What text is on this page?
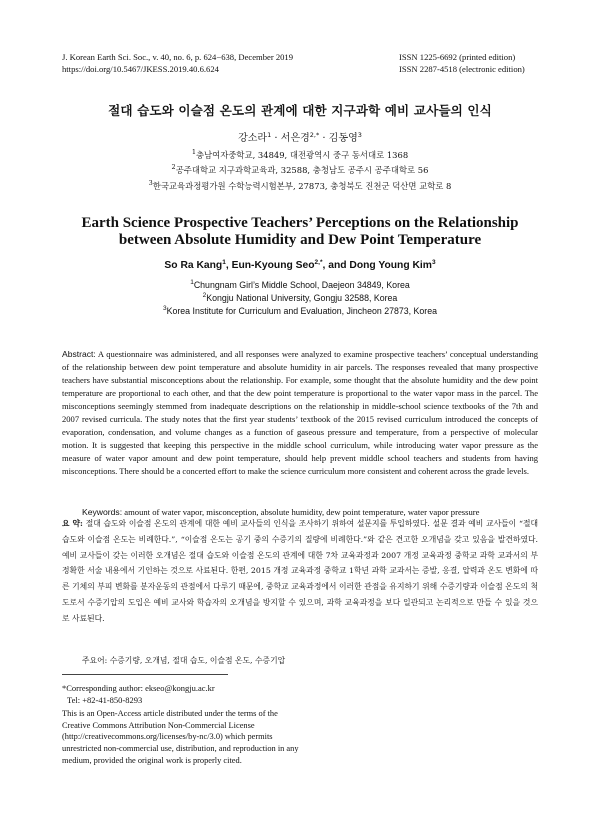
J. Korean Earth Sci. Soc., v. 40, no. 6, p. 624−638, December 2019
https://doi.org/10.5467/JKESS.2019.40.6.624
ISSN 1225-6692 (printed edition)
ISSN 2287-4518 (electronic edition)
절대 습도와 이슬점 온도의 관계에 대한 지구과학 예비 교사들의 인식
강소라$^1$ · 서은경$^{2,*}$ · 김동영$^3$
$^1$충남여자중학교, 34849, 대전광역시 중구 동서대로 1368
$^2$공주대학교 지구과학교육과, 32588, 충청남도 공주시 공주대학로 56
$^3$한국교육과정평가원 수학능력시험본부, 27873, 충청북도 진천군 덕산면 교학로 8
Earth Science Prospective Teachers’ Perceptions on the Relationship
between Absolute Humidity and Dew Point Temperature
So Ra Kang$^1$, Eun-Kyoung Seo$^{2,*}$, and Dong Young Kim$^3$
$^1$Chungnam Girl’s Middle School, Daejeon 34849, Korea
$^2$Kongju National University, Gongju 32588, Korea
$^3$Korea Institute for Curriculum and Evaluation, Jincheon 27873, Korea
Abstract: A questionnaire was administered, and all responses were analyzed to examine prospective teachers’ conceptual understanding of the relationship between dew point temperature and absolute humidity in air parcels. The responses revealed that many prospective teachers have substantial misconceptions about the relationship. For example, some thought that the absolute humidity and the dew point temperature are proportional to each other, and that the dew point temperature is proportional to the water vapor mass in the parcel. The misconceptions seemingly stemmed from inadequate descriptions on the relationship in middle-school science textbooks of the 7th and 2007 revised curricula. The study notes that the first year students’ textbook of the 2015 revised curriculum introduced the concepts of evaporation, condensation, and volume changes as a function of gaseous pressure and temperature, from a perspective of molecular motion. It is suggested that keeping this perspective in the middle school curriculum, while introducing water vapor pressure as the measure of water vapor amount and dew point temperature, should help prevent middle school teachers and students from having misconceptions. There should be a concerted effort to make the science curriculum more consistent and coherent across the grade levels.
Keywords: amount of water vapor, misconception, absolute humidity, dew point temperature, water vapor pressure
요 약: 절대 습도와 이슬점 온도의 관계에 대한 예비 교사들의 인식을 조사하기 위하여 설문지를 투입하였다. 설문 결과 예비 교사들이 “절대 습도와 이슬점 온도는 비례한다.”, “이슬점 온도는 공기 중의 수증기의 질량에 비례한다.”와 같은 견고한 오개념을 갖고 있음을 발견하였다. 예비 교사들이 갖는 이러한 오개념은 절대 습도와 이슬점 온도의 관계에 대한 7차 교육과정과 2007 개정 교육과정 중학교 과학 교과서의 부정확한 서술 내용에서 기인하는 것으로 사료된다. 한편, 2015 개정 교육과정 중학교 1학년 과학 교과서는 증발, 응결, 압력과 온도 변화에 따른 기체의 부피 변화를 분자운동의 관점에서 다루기 때문에, 중학교 교육과정에서 이러한 관점을 유지하기 위해 수증기량과 이슬점 온도의 척도로서 수증기압의 도입은 예비 교사와 학습자의 오개념을 방지할 수 있으며, 과학 교육과정을 보다 일관되고 논리적으로 만들 수 있을 것으로 사료된다.
주요어: 수증기량, 오개념, 절대 습도, 이슬점 온도, 수증기압
*Corresponding author: ekseo@kongju.ac.kr
Tel: +82-41-850-8293
This is an Open-Access article distributed under the terms of the Creative Commons Attribution Non-Commercial License (http://creativecommons.org/licenses/by-nc/3.0) which permits unrestricted non-commercial use, distribution, and reproduction in any medium, provided the original work is properly cited.
